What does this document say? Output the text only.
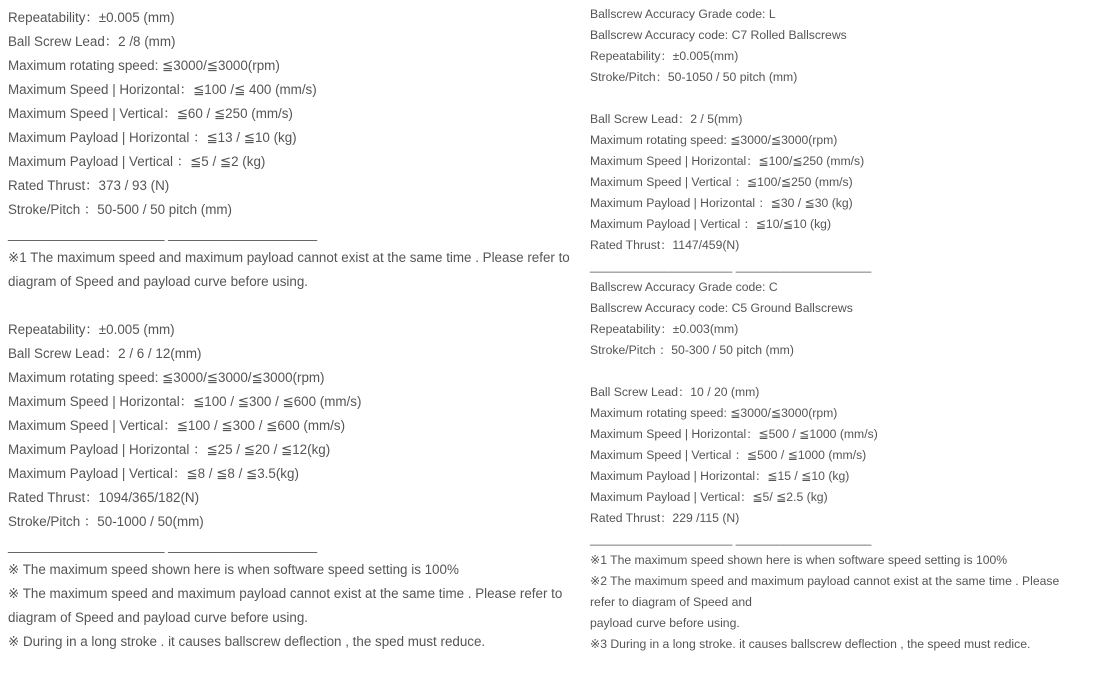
Repeatability：±0.005 (mm)
Ball Screw Lead：2 /8 (mm)
Maximum rotating speed: ≦3000/≦3000(rpm)
Maximum Speed | Horizontal：≦100 /≦ 400 (mm/s)
Maximum Speed | Vertical：≦60 / ≦250 (mm/s)
Maximum Payload | Horizontal ：≦13 / ≦10 (kg)
Maximum Payload | Vertical ：≦5 / ≦2 (kg)
Rated Thrust：373 / 93 (N)
Stroke/Pitch ：50-500 / 50 pitch (mm)
_____________________ ____________________
※1 The maximum speed and maximum payload cannot exist at the same time . Please refer to diagram of Speed and payload curve before using.
Repeatability：±0.005 (mm)
Ball Screw Lead：2 / 6 / 12(mm)
Maximum rotating speed: ≦3000/≦3000/≦3000(rpm)
Maximum Speed | Horizontal：≦100 / ≦300 / ≦600 (mm/s)
Maximum Speed | Vertical：≦100 / ≦300 / ≦600 (mm/s)
Maximum Payload | Horizontal ：≦25 / ≦20 / ≦12(kg)
Maximum Payload | Vertical：≦8 / ≦8 / ≦3.5(kg)
Rated Thrust：1094/365/182(N)
Stroke/Pitch ：50-1000 / 50(mm)
_____________________ ____________________
※ The maximum speed shown here is when software speed setting is 100%
※ The maximum speed and maximum payload cannot exist at the same time . Please refer to diagram of Speed and payload curve before using.
※ During in a long stroke . it causes ballscrew deflection , the sped must reduce.
Ballscrew Accuracy Grade code: L
Ballscrew Accuracy code: C7 Rolled Ballscrews
Repeatability：±0.005(mm)
Stroke/Pitch：50-1050 / 50 pitch (mm)
Ball Screw Lead：2 / 5(mm)
Maximum rotating speed: ≦3000/≦3000(rpm)
Maximum Speed | Horizontal：≦100/≦250 (mm/s)
Maximum Speed | Vertical ：≦100/≦250 (mm/s)
Maximum Payload | Horizontal ：≦30 / ≦30 (kg)
Maximum Payload | Vertical ：≦10/≦10 (kg)
Rated Thrust：1147/459(N)
_____________________ ____________________
Ballscrew Accuracy Grade code: C
Ballscrew Accuracy code: C5 Ground Ballscrews
Repeatability：±0.003(mm)
Stroke/Pitch ：50-300 / 50 pitch (mm)
Ball Screw Lead：10 / 20 (mm)
Maximum rotating speed: ≦3000/≦3000(rpm)
Maximum Speed | Horizontal：≦500 / ≦1000 (mm/s)
Maximum Speed | Vertical ：≦500 / ≦1000 (mm/s)
Maximum Payload | Horizontal：≦15 / ≦10 (kg)
Maximum Payload | Vertical：≦5/ ≦2.5 (kg)
Rated Thrust：229 /115 (N)
_____________________ ____________________
※1 The maximum speed shown here is when software speed setting is 100%
※2 The maximum speed and maximum payload cannot exist at the same time . Please
refer to diagram of Speed and
payload curve before using.
※3 During in a long stroke. it causes ballscrew deflection , the speed must redice.
